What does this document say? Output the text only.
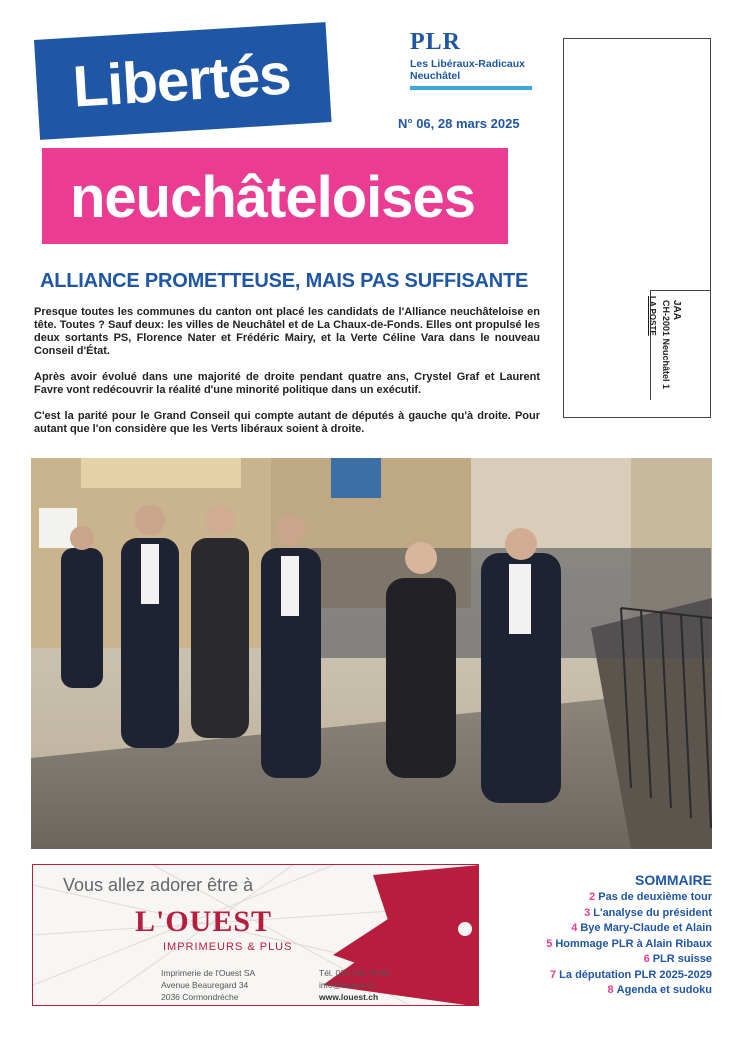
Libertés
neuchâteloises
PLR
Les Libéraux-Radicaux
Neuchâtel
N° 06, 28 mars 2025
JAA
CH-2001 Neuchâtel 1
LA POSTE
ALLIANCE PROMETTEUSE, MAIS PAS SUFFISANTE

Presque toutes les communes du canton ont placé les candidats de l'Alliance neuchâteloise en tête. Toutes ? Sauf deux: les villes de Neuchâtel et de La Chaux-de-Fonds. Elles ont propulsé les deux sortants PS, Florence Nater et Frédéric Mairy, et la Verte Céline Vara dans le nouveau Conseil d'État.

Après avoir évolué dans une majorité de droite pendant quatre ans, Crystel Graf et Laurent Favre vont redécouvrir la réalité d'une minorité politique dans un exécutif.

C'est la parité pour le Grand Conseil qui compte autant de députés à gauche qu'à droite. Pour autant que l'on considère que les Verts libéraux soient à droite.

Vous allez adorer être à
L'OUEST
IMPRIMEURS & PLUS
Imprimerie de l'Ouest SA
Avenue Beauregard 34
2036 Cormondrèche
Tél. 032 731 75 85
info@louest.ch
www.louest.ch
SOMMAIRE
2 Pas de deuxième tour
3 L'analyse du président
4 Bye Mary-Claude et Alain
5 Hommage PLR à Alain Ribaux
6 PLR suisse
7 La députation PLR 2025-2029
8 Agenda et sudoku
